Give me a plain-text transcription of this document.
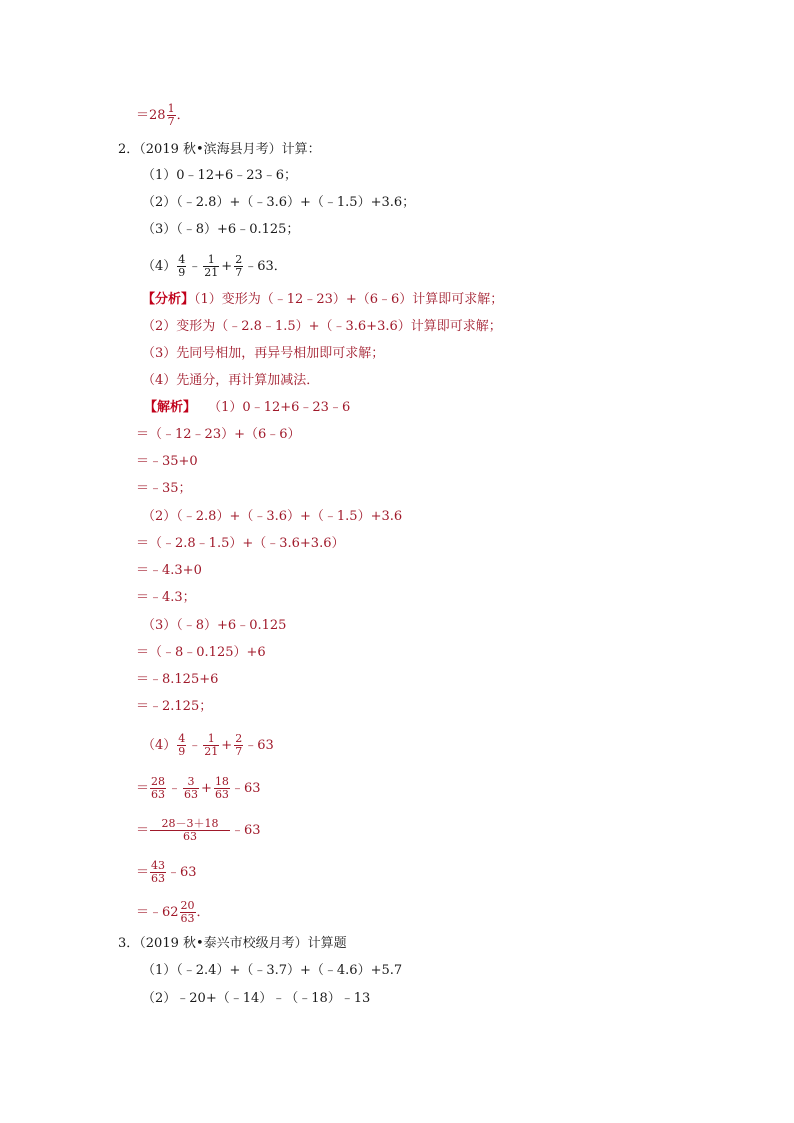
＝ $28 \frac{1}{7}$ ．
2．（2019 秋•滨海县月考）计算：
（1）0﹣12+6﹣23﹣6；
（2）（﹣2.8）+（﹣3.6）+（﹣1.5）+3.6；
（3）（﹣8）+6﹣0.125；
$(4) \frac{4}{9}$ ﹣ $\frac{1}{21} + \frac{2}{7}$ ﹣63．
【分析】（1）变形为（﹣12﹣23）+（6﹣6）计算即可求解；
（2）变形为（﹣2.8﹣1.5）+（﹣3.6+3.6）计算即可求解；
（3）先同号相加，再异号相加即可求解；
（4）先通分，再计算加减法．
【解析】 （1）0﹣12+6﹣23﹣6
＝（﹣12﹣23）+（6﹣6）
＝﹣35+0
＝﹣35；
（2）（﹣2.8）+（﹣3.6）+（﹣1.5）+3.6
＝（﹣2.8﹣1.5）+（﹣3.6+3.6）
＝﹣4.3+0
＝﹣4.3；
（3）（﹣8）+6﹣0.125
＝（﹣8﹣0.125）+6
＝﹣8.125+6
＝﹣2.125；
$(4) \frac{4}{9}$ ﹣ $\frac{1}{21} + \frac{2}{7}$ ﹣63
＝ $\frac{28}{63}$ ﹣ $\frac{3}{63} + \frac{18}{63}$ ﹣63
＝ $\frac{28-3+18}{63}$ ﹣63
＝ $\frac{43}{63}$ ﹣63
＝﹣62 $\frac{20}{63}$ ．
3．（2019 秋•泰兴市校级月考）计算题
（1）（﹣2.4）+（﹣3.7）+（﹣4.6）+5.7
（2）﹣20+（﹣14）﹣（﹣18）﹣13
